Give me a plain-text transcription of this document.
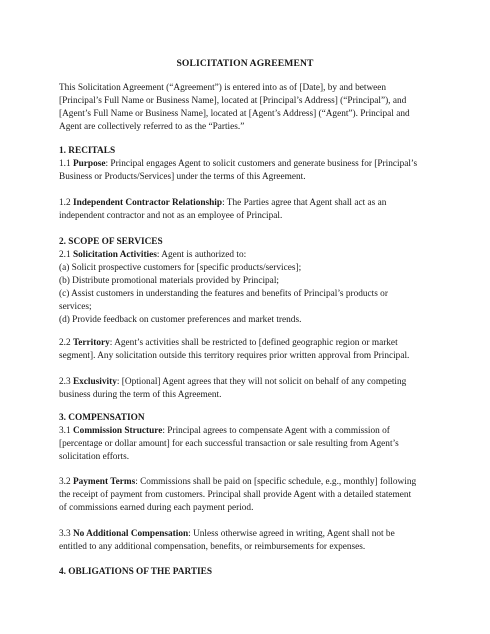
SOLICITATION AGREEMENT
This Solicitation Agreement (“Agreement”) is entered into as of [Date], by and between
[Principal’s Full Name or Business Name], located at [Principal’s Address] (“Principal”), and
[Agent’s Full Name or Business Name], located at [Agent’s Address] (“Agent”). Principal and
Agent are collectively referred to as the “Parties.”
1. RECITALS
1.1 Purpose: Principal engages Agent to solicit customers and generate business for [Principal’s
Business or Products/Services] under the terms of this Agreement.
1.2 Independent Contractor Relationship: The Parties agree that Agent shall act as an
independent contractor and not as an employee of Principal.
2. SCOPE OF SERVICES
2.1 Solicitation Activities: Agent is authorized to:
(a) Solicit prospective customers for [specific products/services];
(b) Distribute promotional materials provided by Principal;
(c) Assist customers in understanding the features and benefits of Principal’s products or
services;
(d) Provide feedback on customer preferences and market trends.
2.2 Territory: Agent’s activities shall be restricted to [defined geographic region or market
segment]. Any solicitation outside this territory requires prior written approval from Principal.
2.3 Exclusivity: [Optional] Agent agrees that they will not solicit on behalf of any competing
business during the term of this Agreement.
3. COMPENSATION
3.1 Commission Structure: Principal agrees to compensate Agent with a commission of
[percentage or dollar amount] for each successful transaction or sale resulting from Agent’s
solicitation efforts.
3.2 Payment Terms: Commissions shall be paid on [specific schedule, e.g., monthly] following
the receipt of payment from customers. Principal shall provide Agent with a detailed statement
of commissions earned during each payment period.
3.3 No Additional Compensation: Unless otherwise agreed in writing, Agent shall not be
entitled to any additional compensation, benefits, or reimbursements for expenses.
4. OBLIGATIONS OF THE PARTIES
